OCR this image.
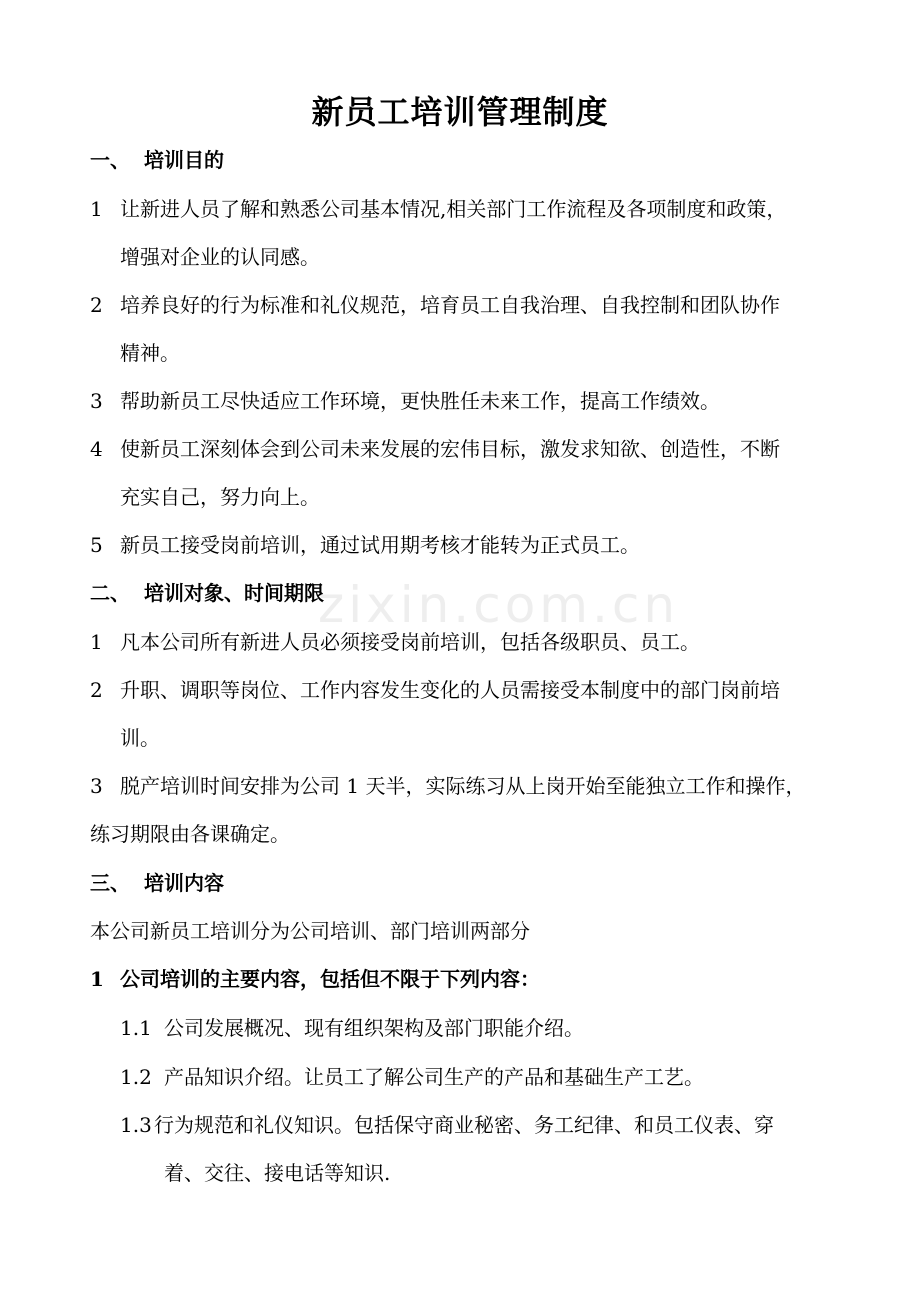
zixin.com.cn
新员工培训管理制度
一、 培训目的
1 让新进人员了解和熟悉公司基本情况,相关部门工作流程及各项制度和政策，
增强对企业的认同感。
2 培养良好的行为标准和礼仪规范，培育员工自我治理、自我控制和团队协作
精神。
3 帮助新员工尽快适应工作环境，更快胜任未来工作，提高工作绩效。
4 使新员工深刻体会到公司未来发展的宏伟目标，激发求知欲、创造性，不断
充实自己，努力向上。
5 新员工接受岗前培训，通过试用期考核才能转为正式员工。
二、 培训对象、时间期限
1 凡本公司所有新进人员必须接受岗前培训，包括各级职员、员工。
2 升职、调职等岗位、工作内容发生变化的人员需接受本制度中的部门岗前培
训。
3 脱产培训时间安排为公司 1 天半，实际练习从上岗开始至能独立工作和操作，
练习期限由各课确定。
三、 培训内容
本公司新员工培训分为公司培训、部门培训两部分
1 公司培训的主要内容，包括但不限于下列内容：
1.1 公司发展概况、现有组织架构及部门职能介绍。
1.2 产品知识介绍。让员工了解公司生产的产品和基础生产工艺。
1.3 行为规范和礼仪知识。包括保守商业秘密、务工纪律、和员工仪表、穿
着、交往、接电话等知识.
